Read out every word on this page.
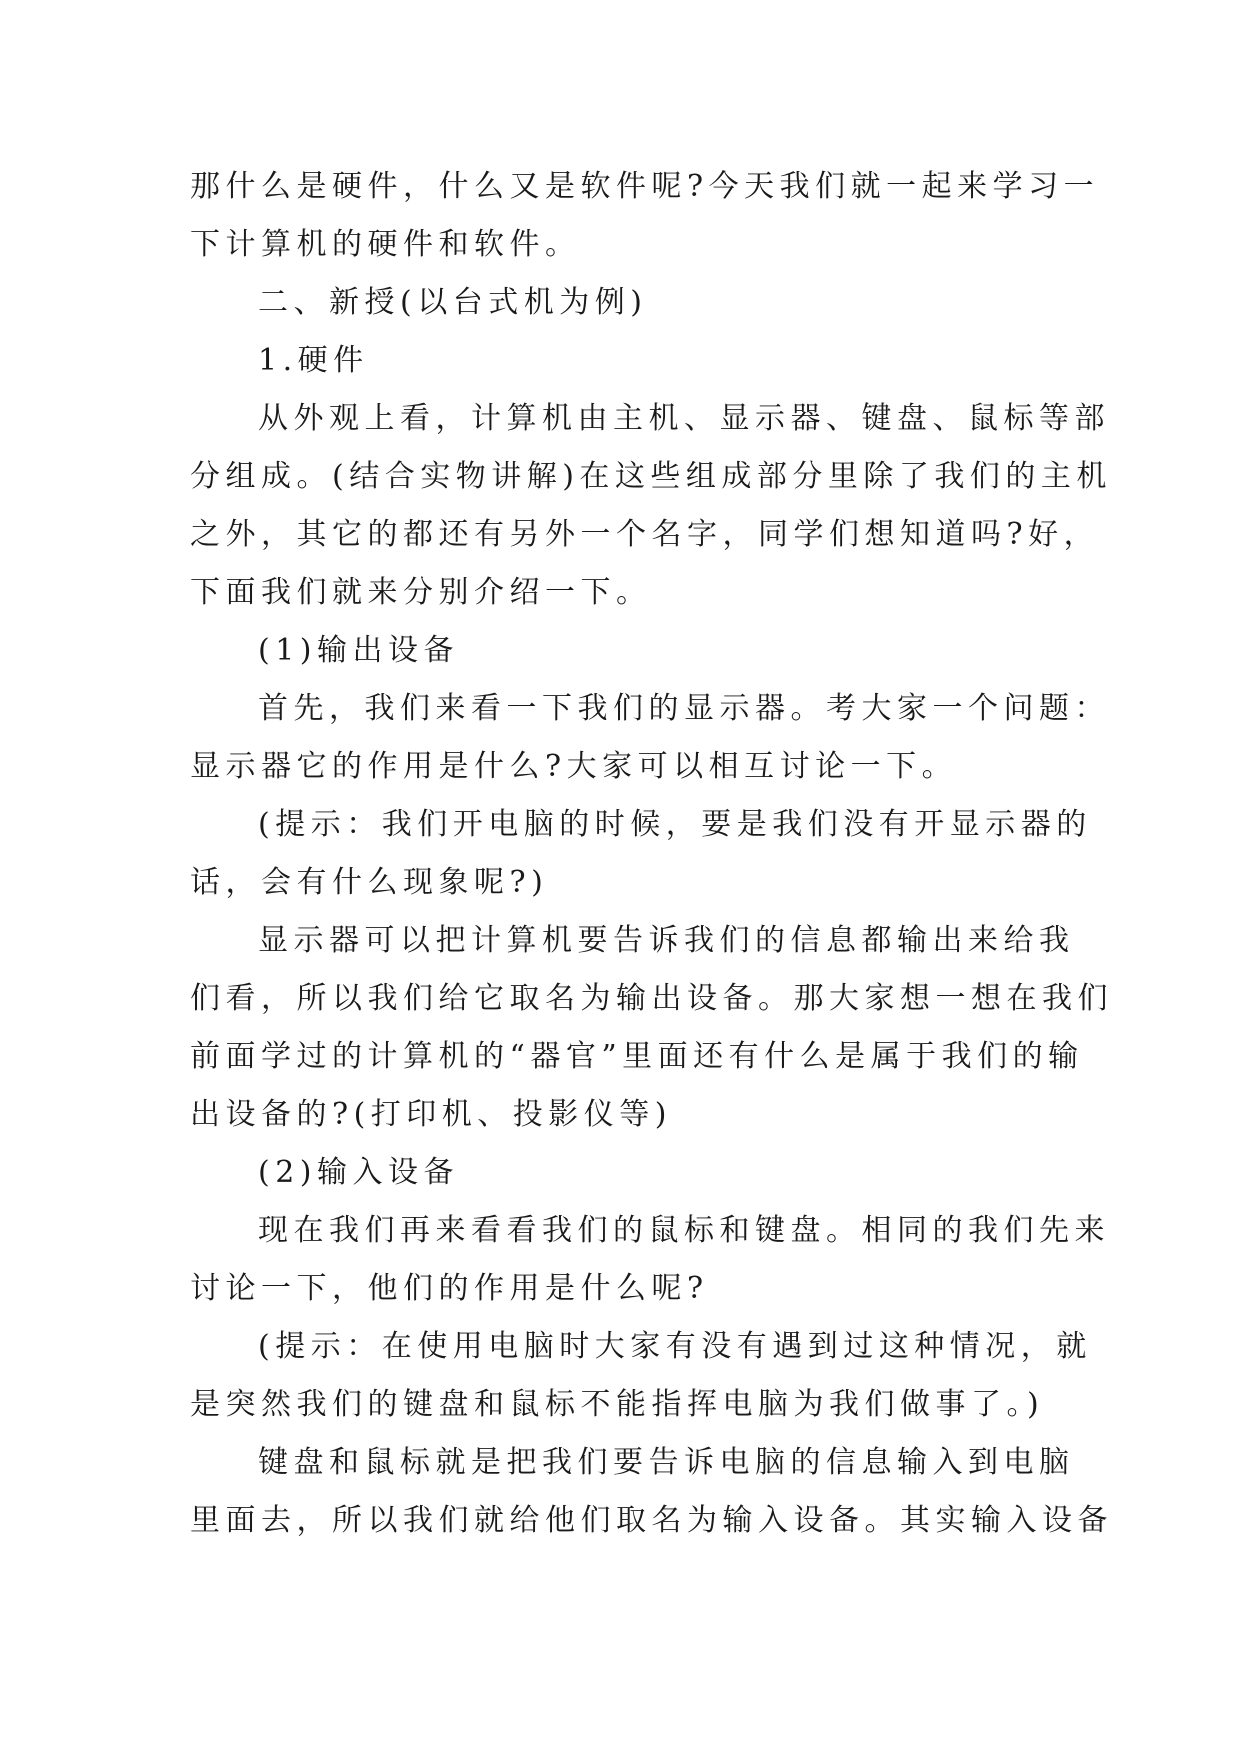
那什么是硬件，什么又是软件呢?今天我们就一起来学习一
下计算机的硬件和软件。
二、新授(以台式机为例)
1.硬件
从外观上看，计算机由主机、显示器、键盘、鼠标等部
分组成。(结合实物讲解)在这些组成部分里除了我们的主机
之外，其它的都还有另外一个名字，同学们想知道吗?好，
下面我们就来分别介绍一下。
(1)输出设备
首先，我们来看一下我们的显示器。考大家一个问题：
显示器它的作用是什么?大家可以相互讨论一下。
(提示：我们开电脑的时候，要是我们没有开显示器的
话，会有什么现象呢?)
显示器可以把计算机要告诉我们的信息都输出来给我
们看，所以我们给它取名为输出设备。那大家想一想在我们
前面学过的计算机的“器官”里面还有什么是属于我们的输
出设备的?(打印机、投影仪等)
(2)输入设备
现在我们再来看看我们的鼠标和键盘。相同的我们先来
讨论一下，他们的作用是什么呢?
(提示：在使用电脑时大家有没有遇到过这种情况，就
是突然我们的键盘和鼠标不能指挥电脑为我们做事了。)
键盘和鼠标就是把我们要告诉电脑的信息输入到电脑
里面去，所以我们就给他们取名为输入设备。其实输入设备
